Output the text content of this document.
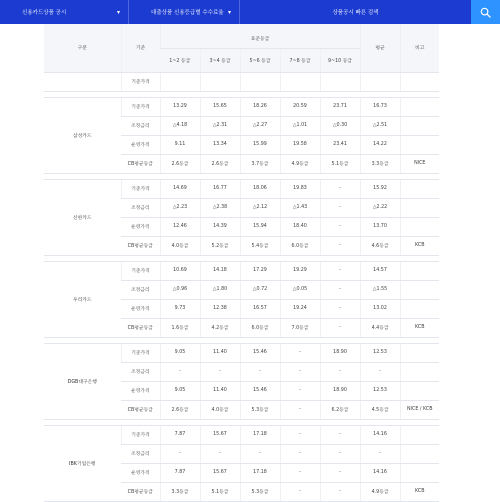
신용카드상품 공시	▾	대출상품 신용등급별 수수료율 ▾	상품공시 빠른 검색
구분	기준	표준등급					평균	비고
		1~2 등급	3~4 등급	5~6 등급	7~8 등급	9~10 등급		
	기준가격							

삼성카드	기준가격	13.29	15.65	18.26	20.59	23.71	16.73	
	조정금리	△4.18	△2.31	△2.27	△1.01	△0.30	△2.51	
	운영가격	9.11	13.34	15.99	19.58	23.41	14.22	
	CB평균등급	2.6등급	2.6등급	3.7등급	4.9등급	5.1등급	3.3등급	NICE

신한카드	기준가격	14.69	16.77	18.06	19.83	-	15.92	
	조정금리	△2.23	△2.38	△2.12	△1.43	-	△2.22	
	운영가격	12.46	14.39	15.94	18.40	-	13.70	
	CB평균등급	4.0등급	5.2등급	5.4등급	6.0등급	-	4.6등급	KCB

우리카드	기준가격	10.69	14.18	17.29	19.29	-	14.57	
	조정금리	△0.96	△1.80	△0.72	△0.05	-	△1.55	
	운영가격	9.73	12.38	16.57	19.24	-	13.02	
	CB평균등급	1.6등급	4.2등급	6.0등급	7.0등급	-	4.4등급	KCB

DGB대구은행	기준가격	9.05	11.40	15.46	-	18.90	12.53	
	조정금리	-	-	-	-	-	-	
	운영가격	9.05	11.40	15.46	-	18.90	12.53	
	CB평균등급	2.6등급	4.0등급	5.3등급	-	6.2등급	4.5등급	NICE / KCB

IBK기업은행	기준가격	7.87	15.67	17.18	-	-	14.16	
	조정금리	-	-	-	-	-	-	
	운영가격	7.87	15.67	17.18	-	-	14.16	
	CB평균등급	3.3등급	5.1등급	5.3등급	-	-	4.9등급	KCB
